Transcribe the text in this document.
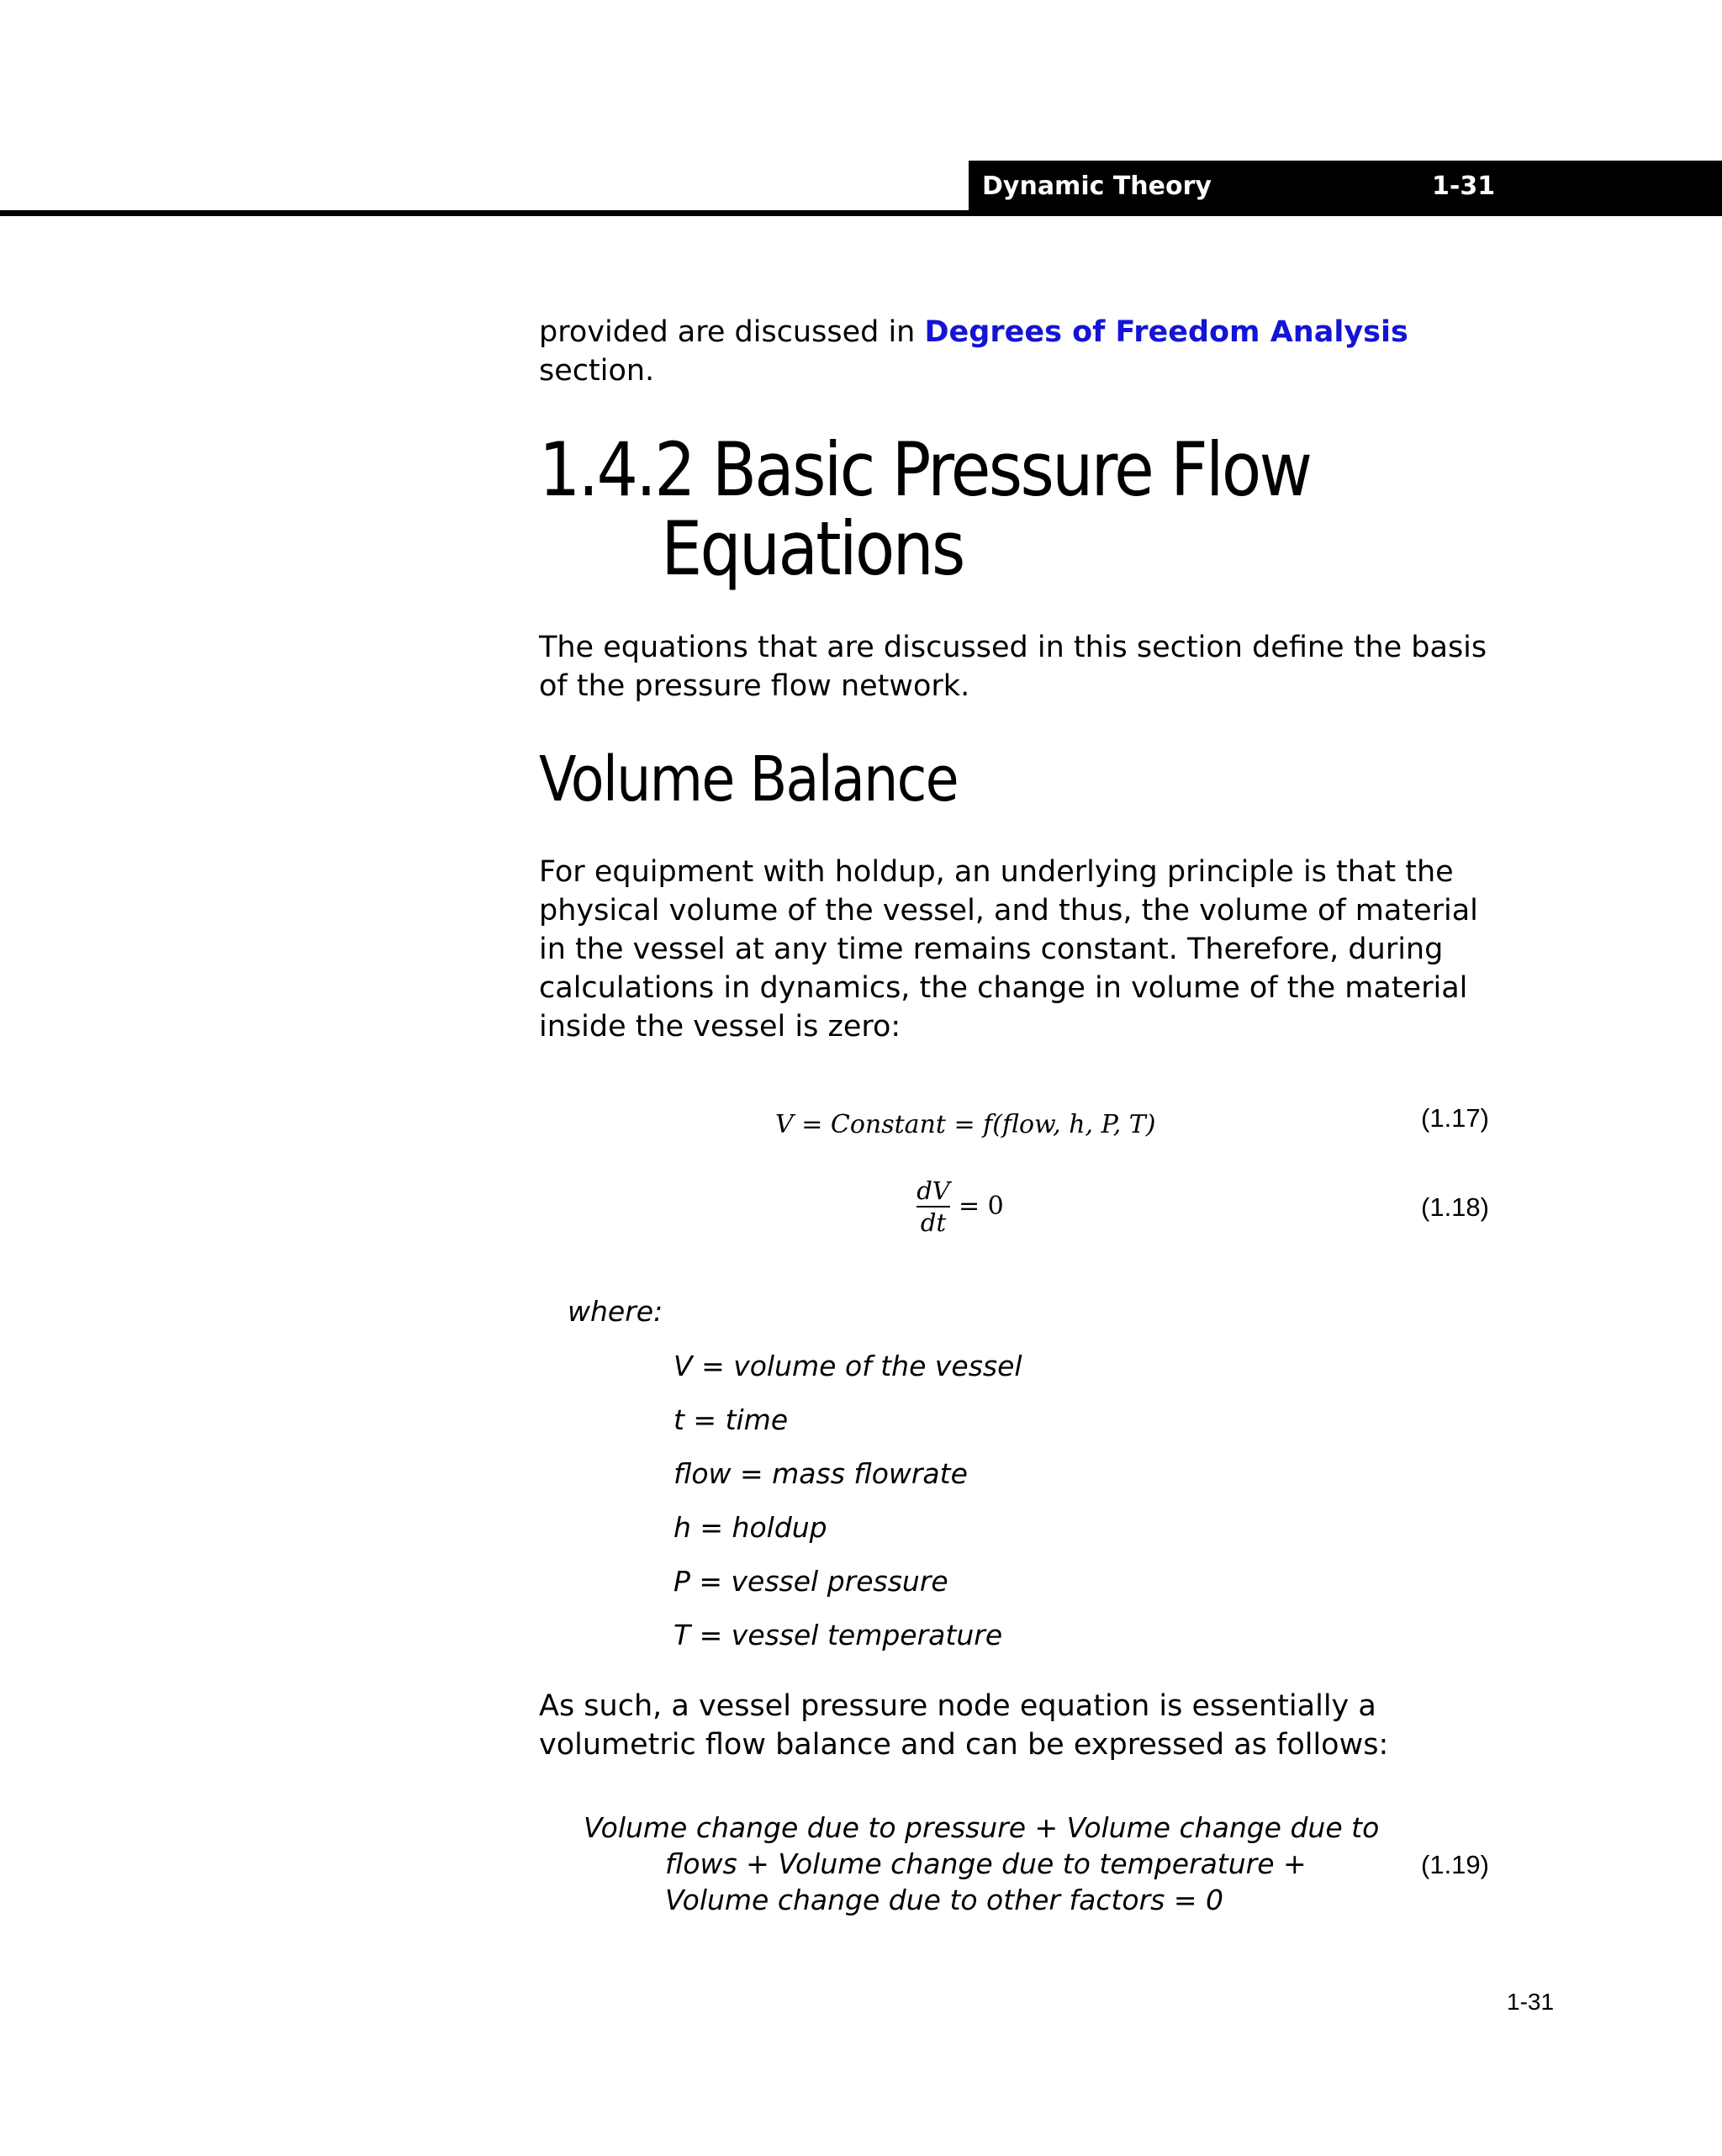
Dynamic Theory	1-31
provided are discussed in Degrees of Freedom Analysis
section.
1.4.2 Basic Pressure Flow
Equations
The equations that are discussed in this section define the basis of the pressure flow network.
Volume Balance
For equipment with holdup, an underlying principle is that the physical volume of the vessel, and thus, the volume of material in the vessel at any time remains constant. Therefore, during calculations in dynamics, the change in volume of the material inside the vessel is zero:
V = Constant = f(flow, h, P, T)	(1.17)
dV
dt
= 0	(1.18)
where:
V = volume of the vessel
t = time
flow = mass flowrate
h = holdup
P = vessel pressure
T = vessel temperature
As such, a vessel pressure node equation is essentially a volumetric flow balance and can be expressed as follows:
Volume change due to pressure + Volume change due to
flows + Volume change due to temperature +
Volume change due to other factors = 0
(1.19)
1-31
